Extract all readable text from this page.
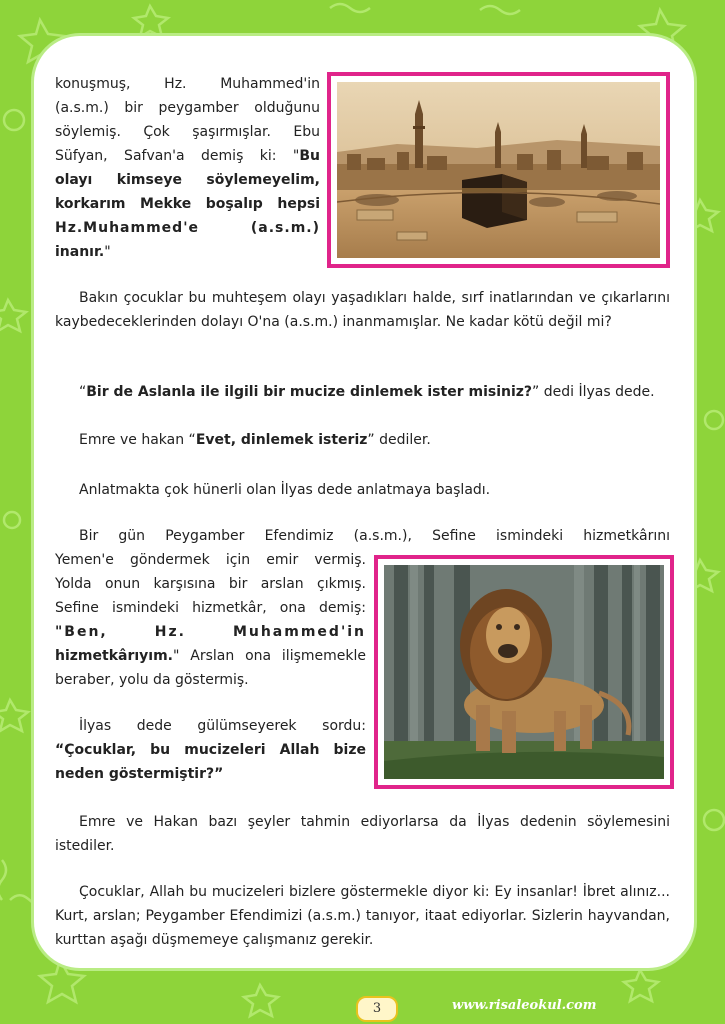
konuşmuş, Hz. Muhammed'in
(a.s.m.) bir peygamber olduğunu
söylemiş. Çok şaşırmışlar. Ebu
Süfyan, Safvan'a demiş ki: "Bu
olayı kimseye söylemeyelim,
korkarım Mekke boşalıp hepsi
Hz.Muhammed'e (a.s.m.)
inanır."
Bakın çocuklar bu muhteşem olayı yaşadıkları halde, sırf inatlarından ve çıkarlarını kaybedeceklerinden dolayı O'na (a.s.m.) inanmamışlar. Ne kadar kötü değil mi?
“Bir de Aslanla ile ilgili bir mucize dinlemek ister misiniz?” dedi İlyas dede.
Emre ve hakan “Evet, dinlemek isteriz” dediler.
Anlatmakta çok hünerli olan İlyas dede anlatmaya başladı.
Bir gün Peygamber Efendimiz (a.s.m.), Sefine ismindeki hizmetkârını
Yemen'e göndermek için emir vermiş.
Yolda onun karşısına bir arslan çıkmış.
Sefine ismindeki hizmetkâr, ona demiş:
"Ben, Hz. Muhammed'in
hizmetkârıyım." Arslan ona ilişmemekle
beraber, yolu da göstermiş.
İlyas dede gülümseyerek sordu:
“Çocuklar, bu mucizeleri Allah bize
neden göstermiştir?”
Emre ve Hakan bazı şeyler tahmin ediyorlarsa da İlyas dedenin söylemesini istediler.
Çocuklar, Allah bu mucizeleri bizlere göstermekle diyor ki: Ey insanlar! İbret alınız... Kurt, arslan; Peygamber Efendimizi (a.s.m.) tanıyor, itaat ediyorlar. Sizlerin hayvandan, kurttan aşağı düşmemeye çalışmanız gerekir.
3	www.risaleokul.com
